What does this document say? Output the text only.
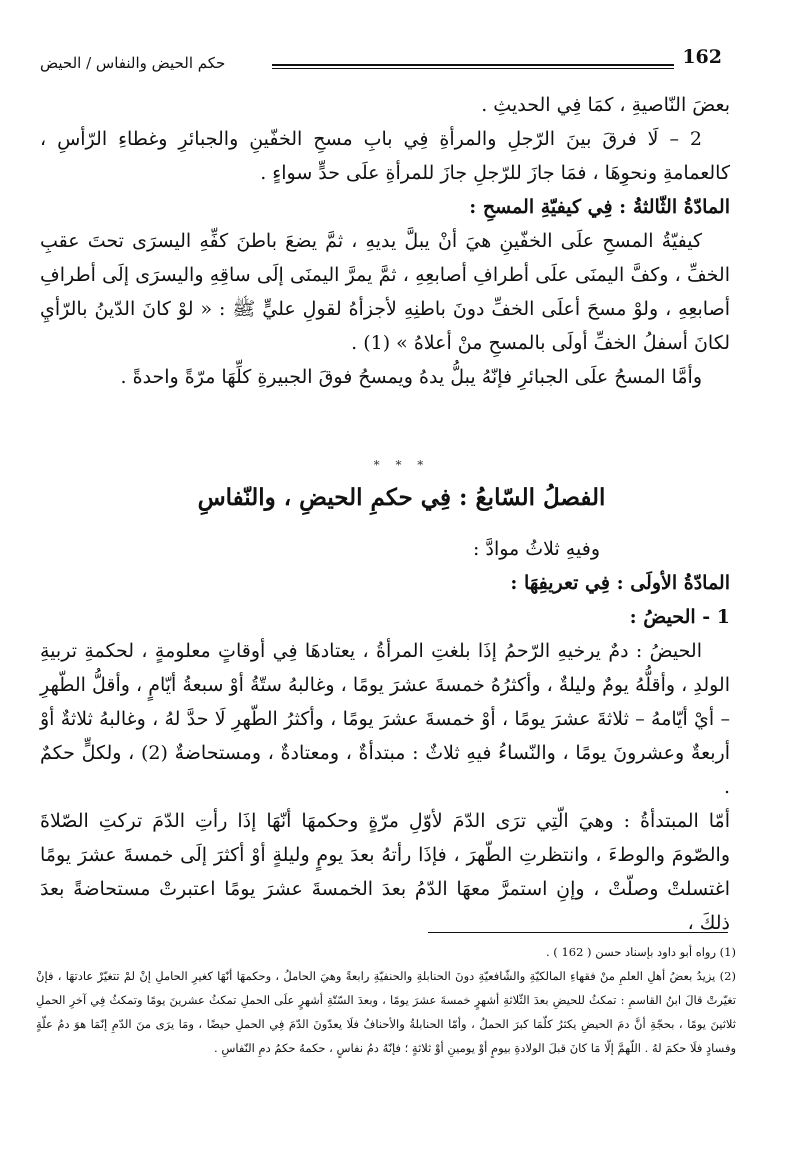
حكم الحيض والنفاس / الحيض	162

بعضَ النّاصيةِ ، كمَا فِي الحديثِ .

2 – لَا فرقَ بينَ الرّجلِ والمرأةِ فِي بابِ مسحِ الخفّينِ والجبائرِ وغطاءِ الرّأسِ ، كالعمامةِ ونحوِهَا ، فمَا جازَ للرّجلِ جازَ للمرأةِ علَى حدٍّ سواءٍ .

المادّةُ الثّالثةُ : فِي كيفيّةِ المسحِ :

كيفيّةُ المسحِ علَى الخفّينِ هيَ أنْ يبلَّ يديهِ ، ثمَّ يضعَ باطنَ كفِّهِ اليسرَى تحتَ عقبِ الخفِّ ، وكفَّ اليمنَى علَى أطرافِ أصابعِهِ ، ثمَّ يمرَّ اليمنَى إلَى ساقِهِ واليسرَى إلَى أطرافِ أصابعِهِ ، ولوْ مسحَ أعلَى الخفِّ دونَ باطنِهِ لأجزأهُ لقولِ عليٍّ ﷺ : « لوْ كانَ الدّينُ بالرّأيِ لكانَ أسفلُ الخفِّ أولَى بالمسحِ منْ أعلاهُ » (1) .

وأمَّا المسحُ علَى الجبائرِ فإنّهُ يبلُّ يدهُ ويمسحُ فوقَ الجبيرةِ كلِّهَا مرّةً واحدةً .

* * *
الفصلُ السّابعُ : فِي حكمِ الحيضِ ، والنّفاسِ

وفيهِ ثلاثُ موادَّ :

المادّةُ الأولَى : فِي تعريفِهَا :

1 - الحيضُ :

الحيضُ : دمٌ يرخيهِ الرّحمُ إذَا بلغتِ المرأةُ ، يعتادهَا فِي أوقاتٍ معلومةٍ ، لحكمةِ تربيةِ الولدِ ، وأقلُّهُ يومٌ وليلةٌ ، وأكثرُهُ خمسةَ عشرَ يومًا ، وغالبهُ ستّةُ أوْ سبعةُ أيّامٍ ، وأقلُّ الطّهرِ – أيْ أيّامهُ – ثلاثةَ عشرَ يومًا ، أوْ خمسةَ عشرَ يومًا ، وأكثرُ الطّهرِ لَا حدَّ لهُ ، وغالبهُ ثلاثةٌ أوْ أربعةٌ وعشرونَ يومًا ، والنّساءُ فيهِ ثلاثٌ : مبتدأةٌ ، ومعتادةٌ ، ومستحاضةٌ (2) ، ولكلٍّ حكمٌ .

أمّا المبتدأةُ : وهيَ الّتِي ترَى الدّمَ لأوّلِ مرّةٍ وحكمهَا أنّهَا إذَا رأتِ الدّمَ تركتِ الصّلاةَ والصّومَ والوطءَ ، وانتظرتِ الطّهرَ ، فإذَا رأتهُ بعدَ يومٍ وليلةٍ أوْ أكثرَ إلَى خمسةَ عشرَ يومًا اغتسلتْ وصلّتْ ، وإنِ استمرَّ معهَا الدّمُ بعدَ الخمسةَ عشرَ يومًا اعتبرتْ مستحاضةً بعدَ ذلكَ ،

(1) رواه أبو داود بإسناد حسن ( 162 ) .

(2) يزيدُ بعضُ أهلِ العلمِ منْ فقهاءِ المالكيّةِ والشّافعيّةِ دونَ الحنابلةِ والحنفيّةِ رابعةً وهيَ الحاملُ ، وحكمهَا أنّهَا كغيرِ الحاملِ إنْ لمْ تتغيّرْ عادتهَا ، فإنْ تغيّرتْ قالَ ابنُ القاسمِ : تمكثُ للحيضِ بعدَ الثّلاثةِ أشهرٍ خمسةَ عشرَ يومًا ، وبعدَ السّتّةِ أشهرٍ علَى الحملِ تمكثُ عشرينَ يومًا وتمكثُ فِي آخرِ الحملِ ثلاثينَ يومًا ، بحجّةِ أنَّ دمَ الحيضِ يكثرُ كلّمَا كبرَ الحملُ ، وأمّا الحنابلةُ والأحنافُ فلَا يعدّونَ الدّمَ فِي الحملِ حيضًا ، ومَا يرَى منَ الدّمِ إنّمَا هوَ دمُ علّةٍ وفسادٍ فلَا حكمَ لهُ . اللّهمَّ إلّا مَا كانَ قبلَ الولادةِ بيومٍ أوْ يومينِ أوْ ثلاثةٍ ؛ فإنّهُ دمُ نفاسٍ ، حكمهُ حكمُ دمِ النّفاسِ .
